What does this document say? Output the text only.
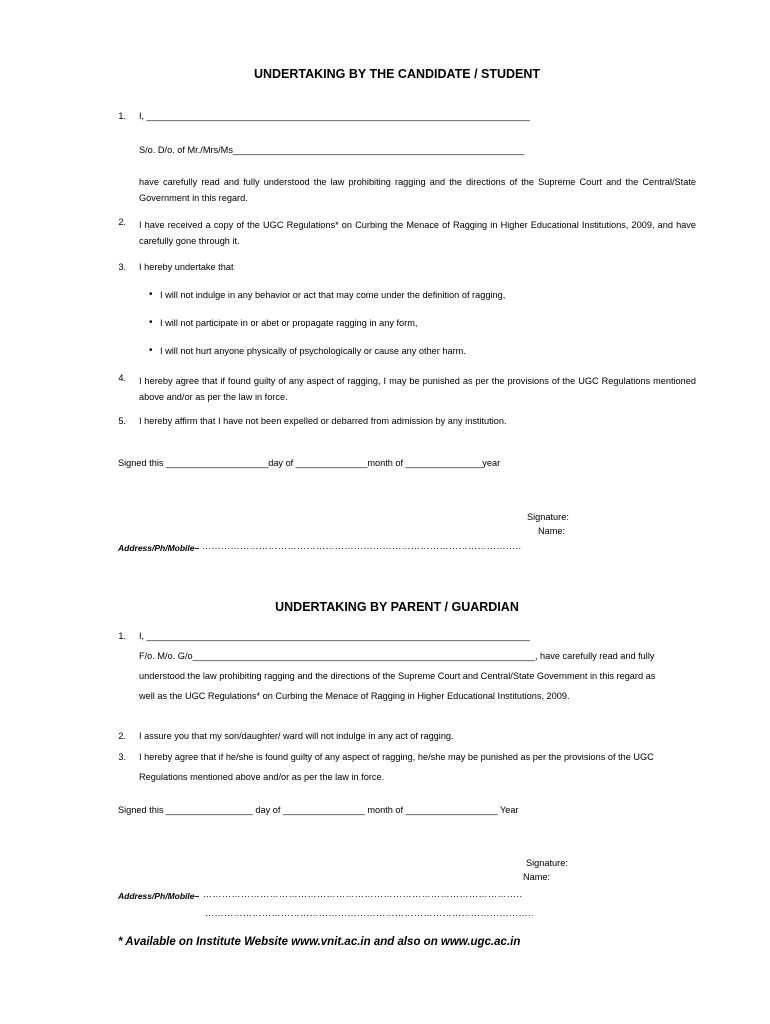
UNDERTAKING BY THE CANDIDATE / STUDENT
1. I, ___________________________________________________________________________
S/o. D/o. of Mr./Mrs/Ms_________________________________________________________
have carefully read and fully understood the law prohibiting ragging and the directions of the Supreme Court and the Central/State Government in this regard.
2. I have received a copy of the UGC Regulations* on Curbing the Menace of Ragging in Higher Educational Institutions, 2009, and have carefully gone through it.
3. I hereby undertake that
• I will not indulge in any behavior or act that may come under the definition of ragging,
• I will not participate in or abet or propagate ragging in any form,
• I will not hurt anyone physically of psychologically or cause any other harm.
4. I hereby agree that if found guilty of any aspect of ragging, I may be punished as per the provisions of the UGC Regulations mentioned above and/or as per the law in force.
5. I hereby affirm that I have not been expelled or debarred from admission by any institution.
Signed this ____________________day of ______________month of _______________year
Signature:
Name:
Address/Ph/Mobile– ………………………………………………………………………………………..
UNDERTAKING BY PARENT / GUARDIAN
1. I, ___________________________________________________________________________
F/o. M/o. G/o___________________________________________________________________, have carefully read and fully
understood the law prohibiting ragging and the directions of the Supreme Court and Central/State Government in this regard as
well as the UGC Regulations* on Curbing the Menace of Ragging in Higher Educational Institutions, 2009.
2. I assure you that my son/daughter/ ward will not indulge in any act of ragging.
3. I hereby agree that if he/she is found guilty of any aspect of ragging, he/she may be punished as per the provisions of the UGC
Regulations mentioned above and/or as per the law in force.
Signed this _________________ day of ________________ month of __________________ Year
Signature:
Name:
Address/Ph/Mobile– ………………………………………………………………………………………..
…………………………………………………………………………………………..
* Available on Institute Website www.vnit.ac.in and also on www.ugc.ac.in
